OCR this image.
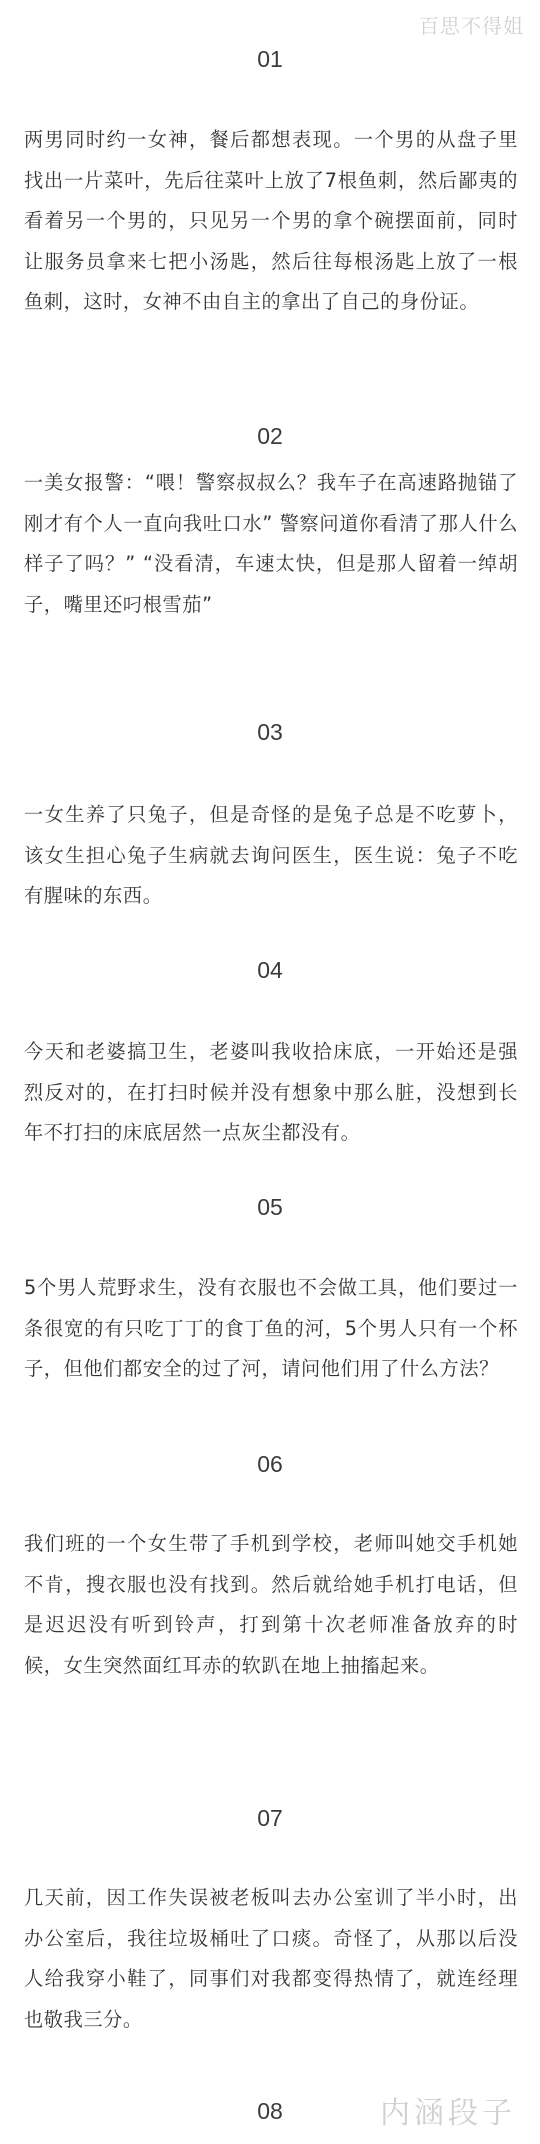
百思不得姐
01
两男同时约一女神，餐后都想表现。一个男的从盘子里找出一片菜叶，先后往菜叶上放了7根鱼刺，然后鄙夷的看着另一个男的，只见另一个男的拿个碗摆面前，同时让服务员拿来七把小汤匙，然后往每根汤匙上放了一根鱼刺，这时，女神不由自主的拿出了自己的身份证。
02
一美女报警：“喂！警察叔叔么？我车子在高速路抛锚了 刚才有个人一直向我吐口水” 警察问道你看清了那人什么样子了吗？” “没看清，车速太快，但是那人留着一绰胡子，嘴里还叼根雪茄”
03
一女生养了只兔子，但是奇怪的是兔子总是不吃萝卜，该女生担心兔子生病就去询问医生，医生说：兔子不吃有腥味的东西。
04
今天和老婆搞卫生，老婆叫我收拾床底，一开始还是强烈反对的，在打扫时候并没有想象中那么脏，没想到长年不打扫的床底居然一点灰尘都没有。
05
5个男人荒野求生，没有衣服也不会做工具，他们要过一条很宽的有只吃丁丁的食丁鱼的河，5个男人只有一个杯子，但他们都安全的过了河，请问他们用了什么方法？
06
我们班的一个女生带了手机到学校，老师叫她交手机她不肯，搜衣服也没有找到。然后就给她手机打电话，但是迟迟没有听到铃声，打到第十次老师准备放弃的时候，女生突然面红耳赤的软趴在地上抽搐起来。
07
几天前，因工作失误被老板叫去办公室训了半小时，出办公室后，我往垃圾桶吐了口痰。奇怪了，从那以后没人给我穿小鞋了，同事们对我都变得热情了，就连经理也敬我三分。
08	内涵段子
